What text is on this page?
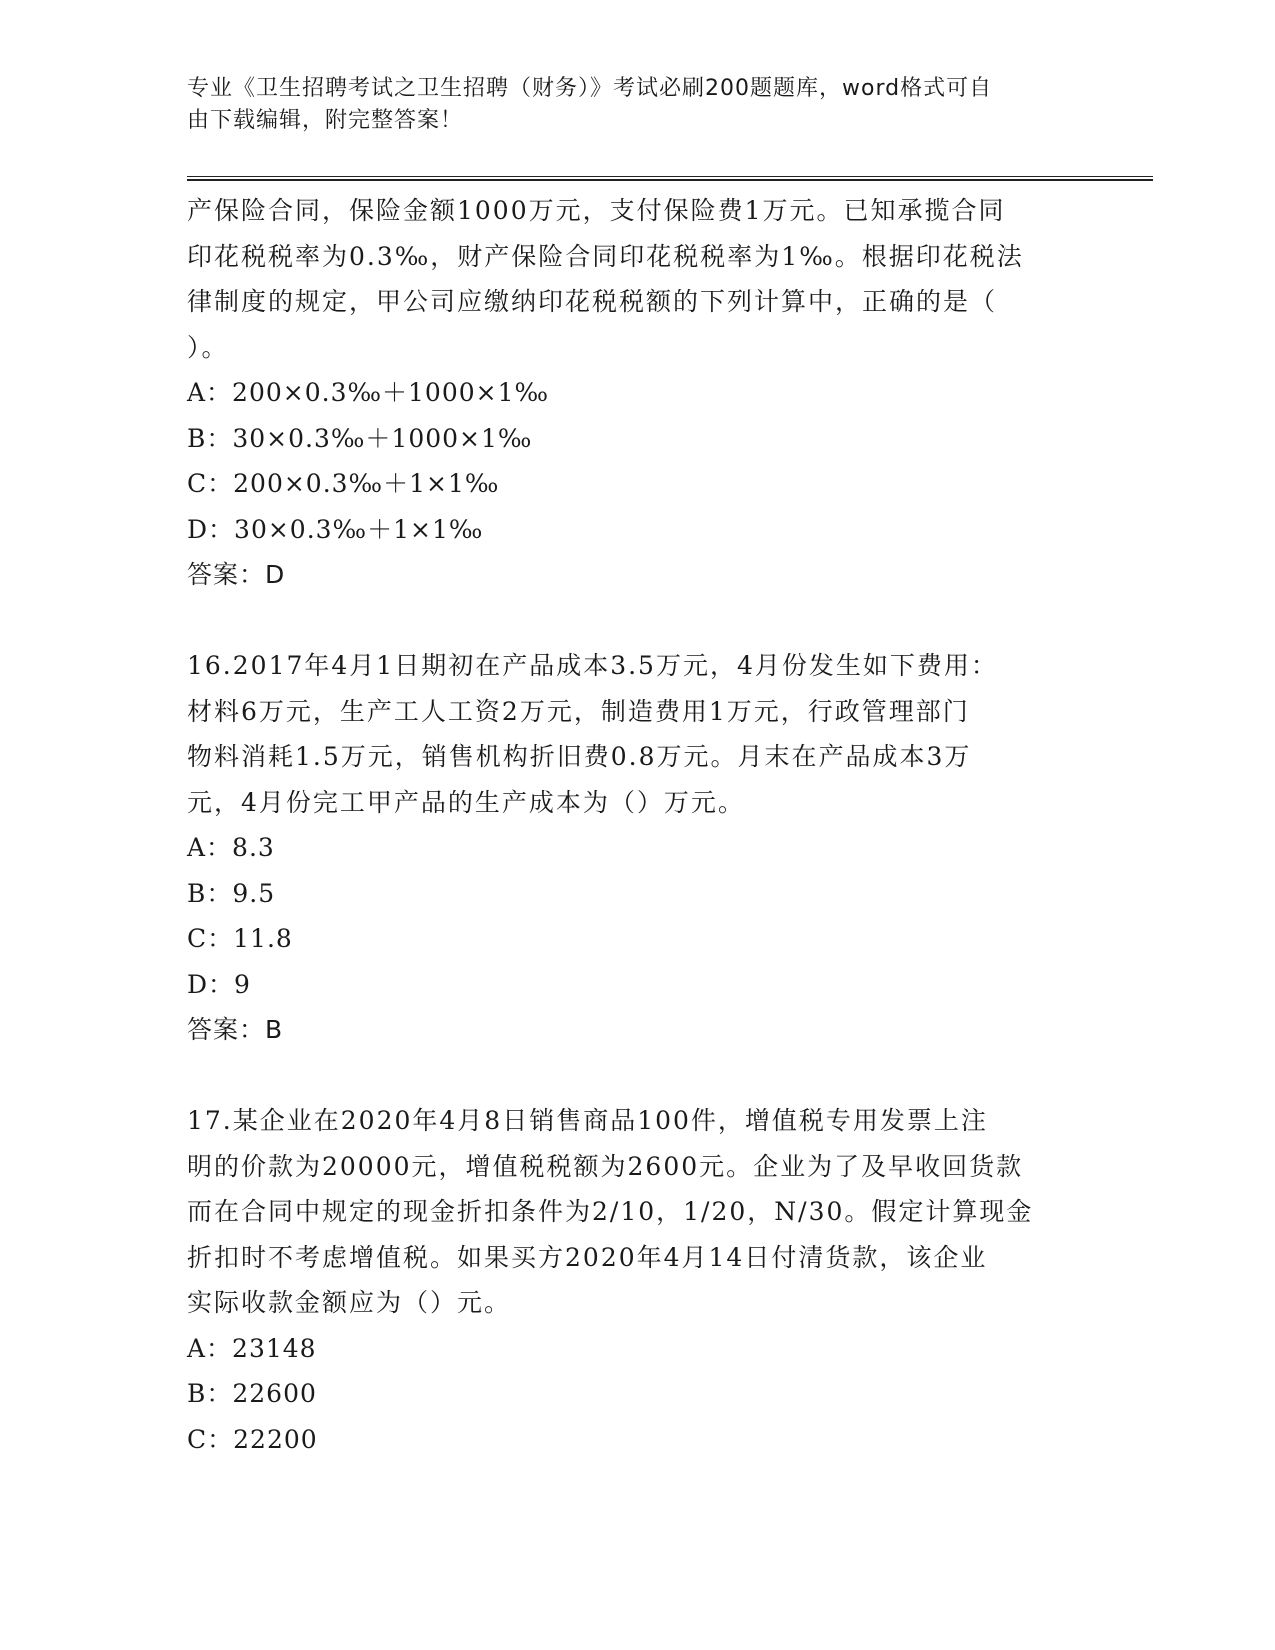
专业《卫生招聘考试之卫生招聘（财务）》考试必刷200题题库，word格式可自
由下载编辑，附完整答案！
产保险合同，保险金额1000万元，支付保险费1万元。已知承揽合同
印花税税率为0.3‰，财产保险合同印花税税率为1‰。根据印花税法
律制度的规定，甲公司应缴纳印花税税额的下列计算中，正确的是（
）。
A：200×0.3‰＋1000×1‰
B：30×0.3‰＋1000×1‰
C：200×0.3‰＋1×1‰
D：30×0.3‰＋1×1‰
答案：D
16.2017年4月1日期初在产品成本3.5万元，4月份发生如下费用：
材料6万元，生产工人工资2万元，制造费用1万元，行政管理部门
物料消耗1.5万元，销售机构折旧费0.8万元。月末在产品成本3万
元，4月份完工甲产品的生产成本为（）万元。
A：8.3
B：9.5
C：11.8
D：9
答案：B
17.某企业在2020年4月8日销售商品100件，增值税专用发票上注
明的价款为20000元，增值税税额为2600元。企业为了及早收回货款
而在合同中规定的现金折扣条件为2/10，1/20，N/30。假定计算现金
折扣时不考虑增值税。如果买方2020年4月14日付清货款，该企业
实际收款金额应为（）元。
A：23148
B：22600
C：22200
